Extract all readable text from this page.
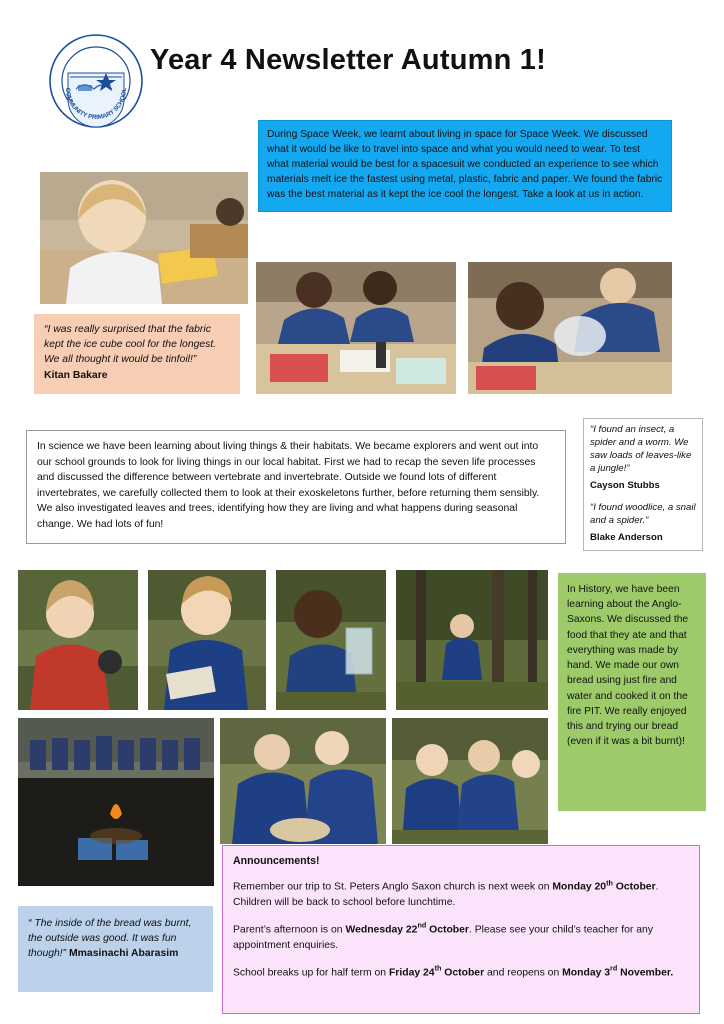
COMMUNITY PRIMARY SCHOOL
Year 4 Newsletter Autumn 1!
During Space Week, we learnt about living in space for Space Week. We discussed what it would be like to travel into space and what you would need to wear. To test what material would be best for a spacesuit we conducted an experience to see which materials melt ice the fastest using metal, plastic, fabric and paper. We found the fabric was the best material as it kept the ice cool the longest. Take a look at us in action.
“I was really surprised that the fabric kept the ice cube cool for the longest. We all thought it would be tinfoil!”
Kitan Bakare

“I found an insect, a spider and a worm. We saw loads of leaves-like a jungle!”

Cayson Stubbs

“I found woodlice, a snail and a spider.”

Blake Anderson

In science we have been learning about living things & their habitats. We became explorers and went out into our school grounds to look for living things in our local habitat. First we had to recap the seven life processes and discussed the difference between vertebrate and invertebrate. Outside we found lots of different invertebrates, we carefully collected them to look at their exoskeletons further, before returning them sensibly. We also investigated leaves and trees, identifying how they are living and what happens during seasonal change. We had lots of fun!
In History, we have been learning about the Anglo-Saxons. We discussed the food that they ate and that everything was made by hand. We made our own bread using just fire and water and cooked it on the fire PIT. We really enjoyed this and trying our bread (even if it was a bit burnt)!
“ The inside of the bread was burnt, the outside was good. It was fun though!” Mmasinachi Abarasim
Announcements!

Remember our trip to St. Peters Anglo Saxon church is next week on Monday 20th October. Children will be back to school before lunchtime.

Parent’s afternoon is on Wednesday 22nd October. Please see your child’s teacher for any appointment enquiries.

School breaks up for half term on Friday 24th October and reopens on Monday 3rd November.
